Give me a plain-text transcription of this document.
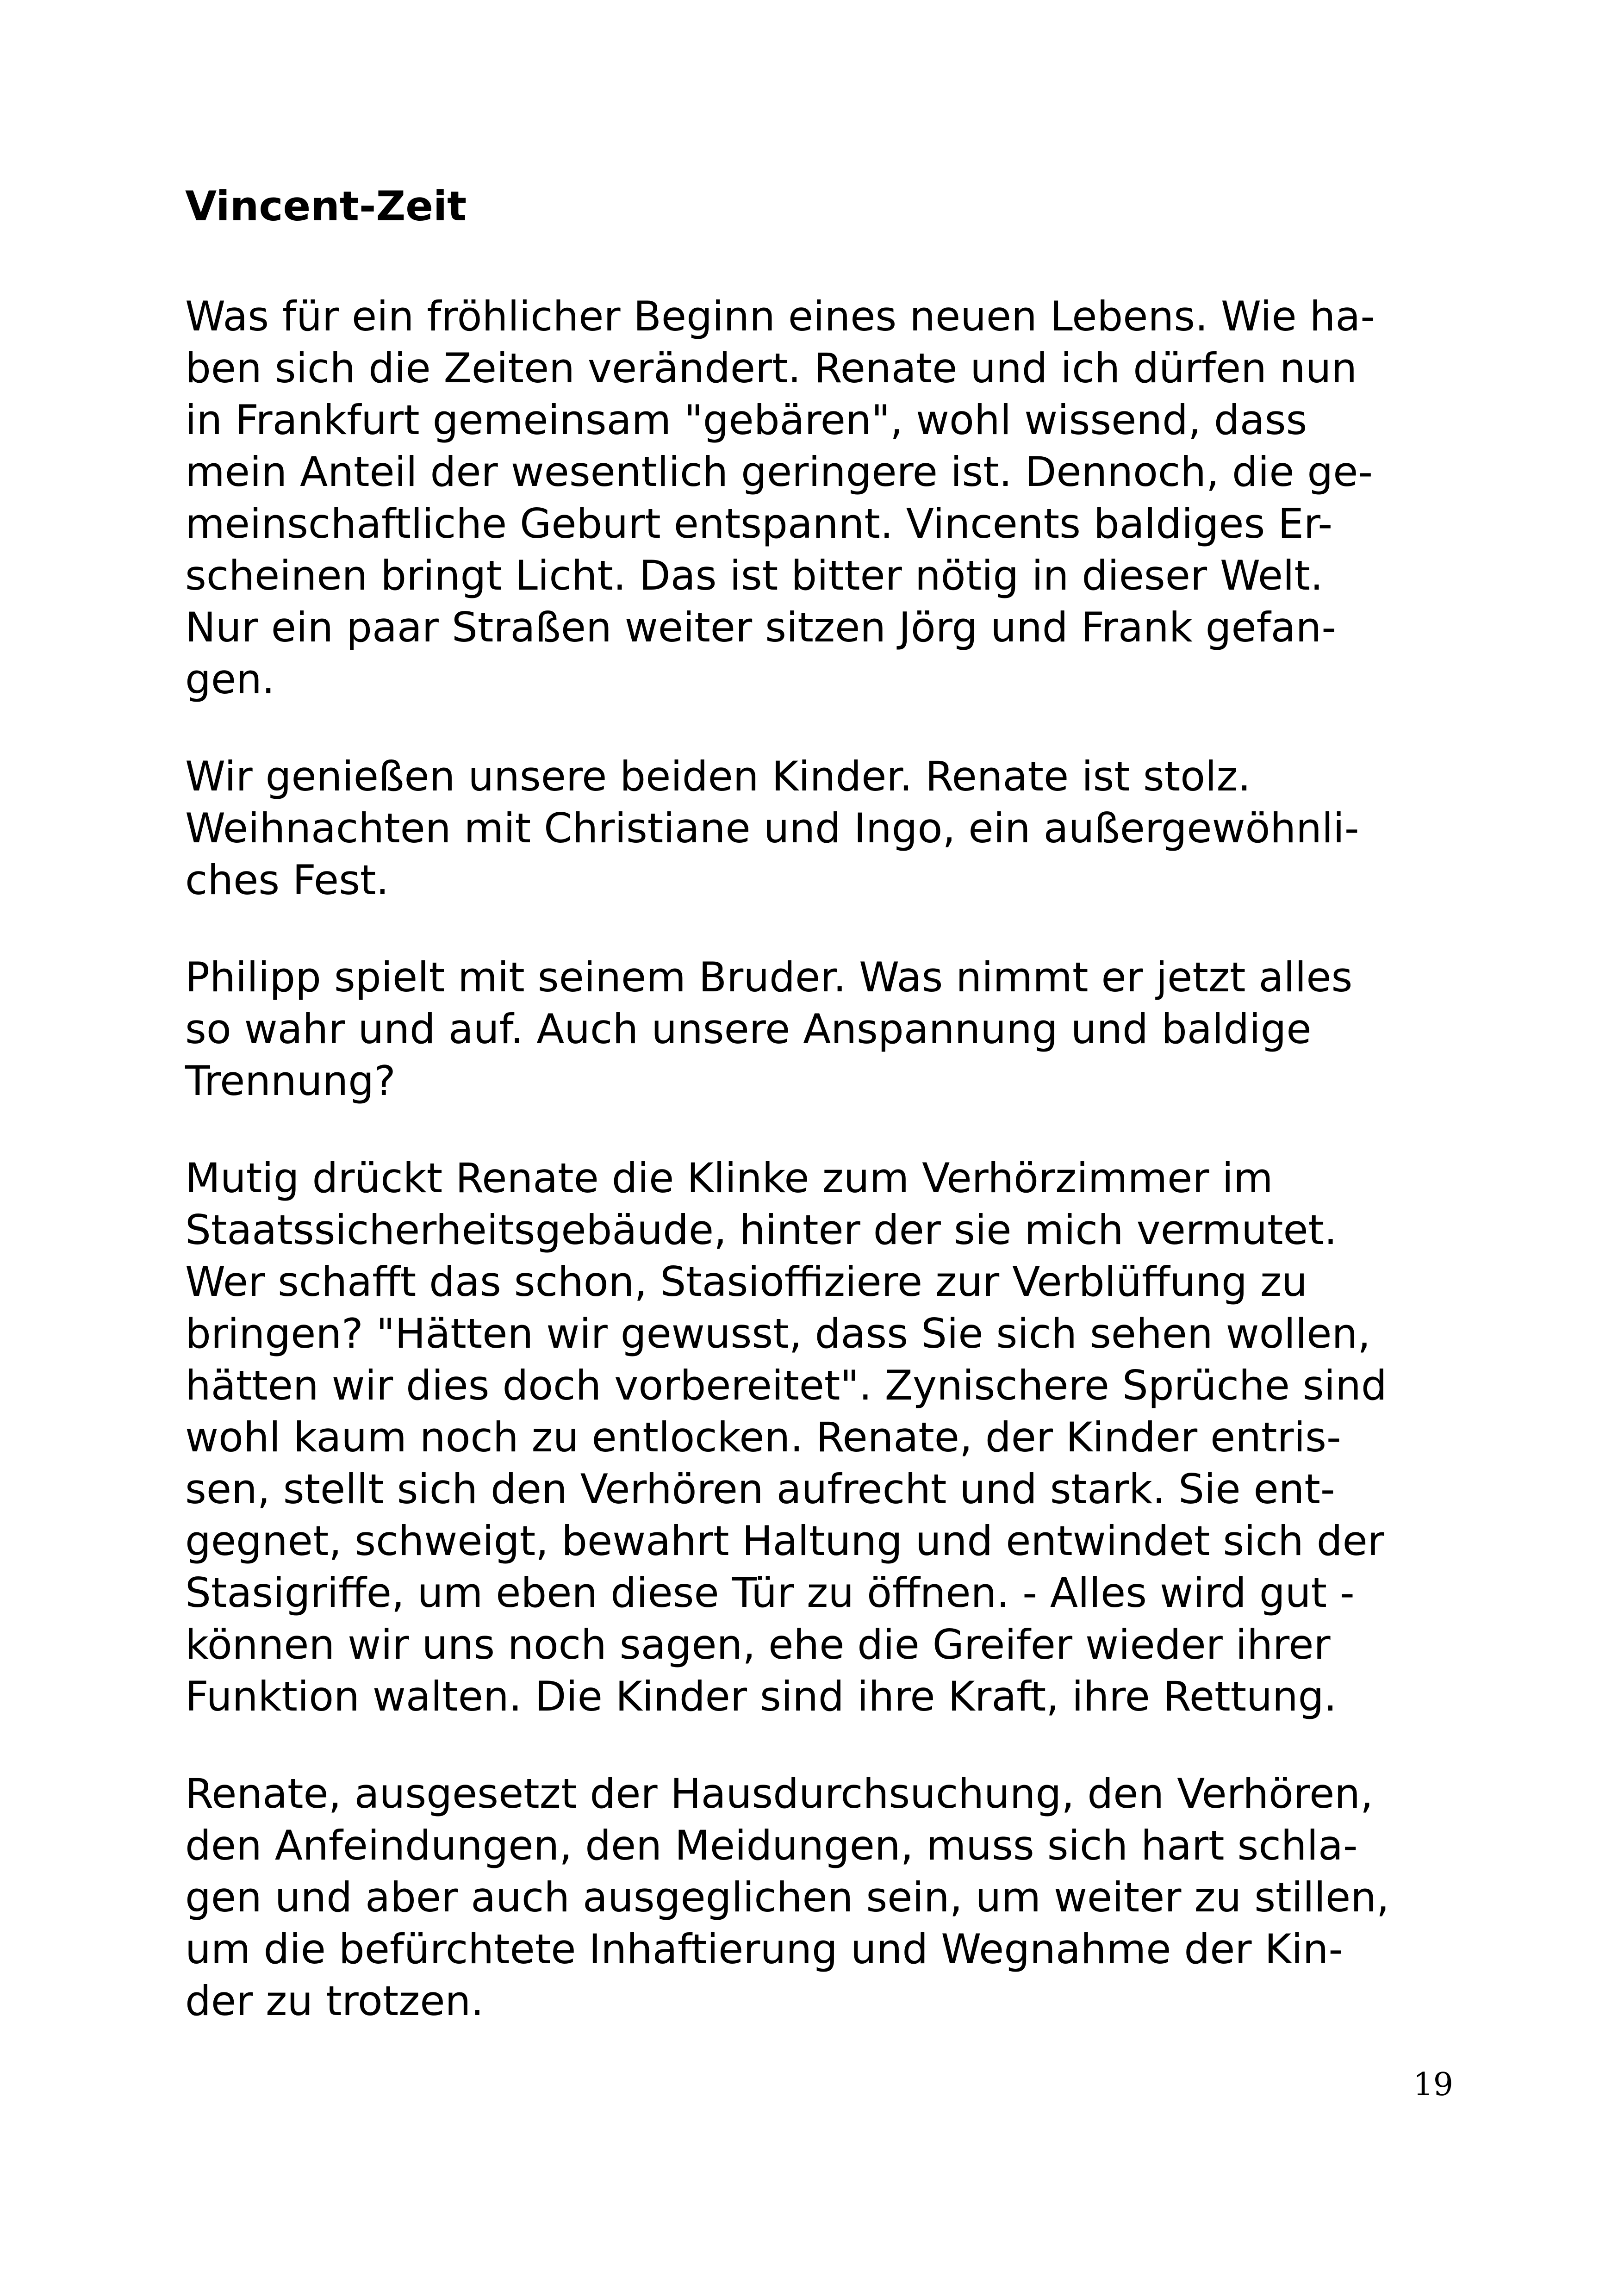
Vincent-Zeit
Was für ein fröhlicher Beginn eines neuen Lebens. Wie ha-
ben sich die Zeiten verändert. Renate und ich dürfen nun
in Frankfurt gemeinsam "gebären", wohl wissend, dass
mein Anteil der wesentlich geringere ist. Dennoch, die ge-
meinschaftliche Geburt entspannt. Vincents baldiges Er-
scheinen bringt Licht. Das ist bitter nötig in dieser Welt.
Nur ein paar Straßen weiter sitzen Jörg und Frank gefan-
gen.
Wir genießen unsere beiden Kinder. Renate ist stolz.
Weihnachten mit Christiane und Ingo, ein außergewöhnli-
ches Fest.
Philipp spielt mit seinem Bruder. Was nimmt er jetzt alles
so wahr und auf. Auch unsere Anspannung und baldige
Trennung?
Mutig drückt Renate die Klinke zum Verhörzimmer im
Staatssicherheitsgebäude, hinter der sie mich vermutet.
Wer schafft das schon, Stasioffiziere zur Verblüffung zu
bringen? "Hätten wir gewusst, dass Sie sich sehen wollen,
hätten wir dies doch vorbereitet". Zynischere Sprüche sind
wohl kaum noch zu entlocken. Renate, der Kinder entris-
sen, stellt sich den Verhören aufrecht und stark. Sie ent-
gegnet, schweigt, bewahrt Haltung und entwindet sich der
Stasigriffe, um eben diese Tür zu öffnen. - Alles wird gut -
können wir uns noch sagen, ehe die Greifer wieder ihrer
Funktion walten. Die Kinder sind ihre Kraft, ihre Rettung.
Renate, ausgesetzt der Hausdurchsuchung, den Verhören,
den Anfeindungen, den Meidungen, muss sich hart schla-
gen und aber auch ausgeglichen sein, um weiter zu stillen,
um die befürchtete Inhaftierung und Wegnahme der Kin-
der zu trotzen.
19
